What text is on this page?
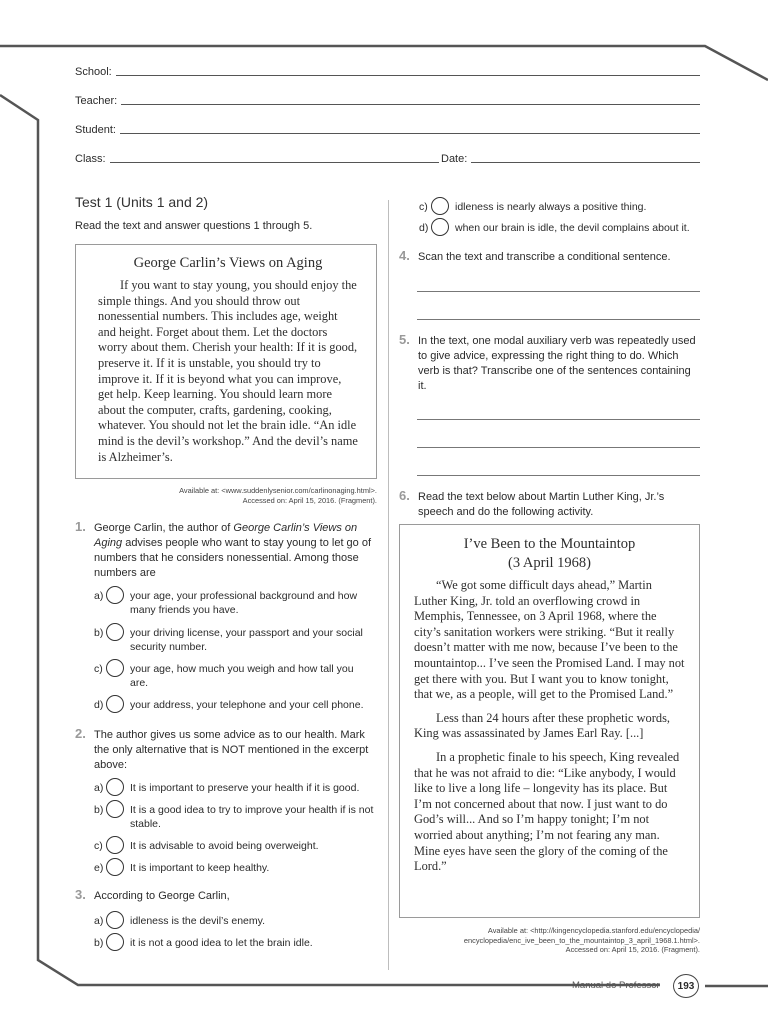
School:
Teacher:
Student:
Class:	Date:
Test 1 (Units 1 and 2)
Read the text and answer questions 1 through 5.
George Carlin’s Views on Aging

If you want to stay young, you should enjoy the simple things. And you should throw out nonessential numbers. This includes age, weight and height. Forget about them. Let the doctors worry about them. Cherish your health: If it is good, preserve it. If it is unstable, you should try to improve it. If it is beyond what you can improve, get help. Keep learning. You should learn more about the computer, crafts, gardening, cooking, whatever. You should not let the brain idle. “An idle mind is the devil’s workshop.” And the devil’s name is Alzheimer’s.

Available at: <www.suddenlysenior.com/carlinonaging.html>.
Accessed on: April 15, 2016. (Fragment).
1. George Carlin, the author of George Carlin’s Views on Aging advises people who want to stay young to let go of numbers that he considers nonessential. Among those numbers are
a)	your age, your professional background and how many friends you have.
b)	your driving license, your passport and your social security number.
c)	your age, how much you weigh and how tall you are.
d)	your address, your telephone and your cell phone.
2. The author gives us some advice as to our health. Mark the only alternative that is NOT mentioned in the excerpt above:
a)	It is important to preserve your health if it is good.
b)	It is a good idea to try to improve your health if is not stable.
c)	It is advisable to avoid being overweight.
e)	It is important to keep healthy.
3. According to George Carlin,
a)	idleness is the devil’s enemy.
b)	it is not a good idea to let the brain idle.
c)	idleness is nearly always a positive thing.
d)	when our brain is idle, the devil complains about it.
4. Scan the text and transcribe a conditional sentence.
5. In the text, one modal auxiliary verb was repeatedly used to give advice, expressing the right thing to do. Which verb is that? Transcribe one of the sentences containing it.
6. Read the text below about Martin Luther King, Jr.’s speech and do the following activity.
I’ve Been to the Mountaintop
(3 April 1968)

“We got some difficult days ahead,” Martin Luther King, Jr. told an overflowing crowd in Memphis, Tennessee, on 3 April 1968, where the city’s sanitation workers were striking. “But it really doesn’t matter with me now, because I’ve been to the mountaintop... I’ve seen the Promised Land. I may not get there with you. But I want you to know tonight, that we, as a people, will get to the Promised Land.”

Less than 24 hours after these prophetic words, King was assassinated by James Earl Ray. [...]

In a prophetic finale to his speech, King revealed that he was not afraid to die: “Like anybody, I would like to live a long life – longevity has its place. But I’m not concerned about that now. I just want to do God’s will... And so I’m happy tonight; I’m not worried about anything; I’m not fearing any man. Mine eyes have seen the glory of the coming of the Lord.”

Available at: <http://kingencyclopedia.stanford.edu/encyclopedia/
encyclopedia/enc_ive_been_to_the_mountaintop_3_april_1968.1.html>.
Accessed on: April 15, 2016. (Fragment).
Manual do Professor	193
